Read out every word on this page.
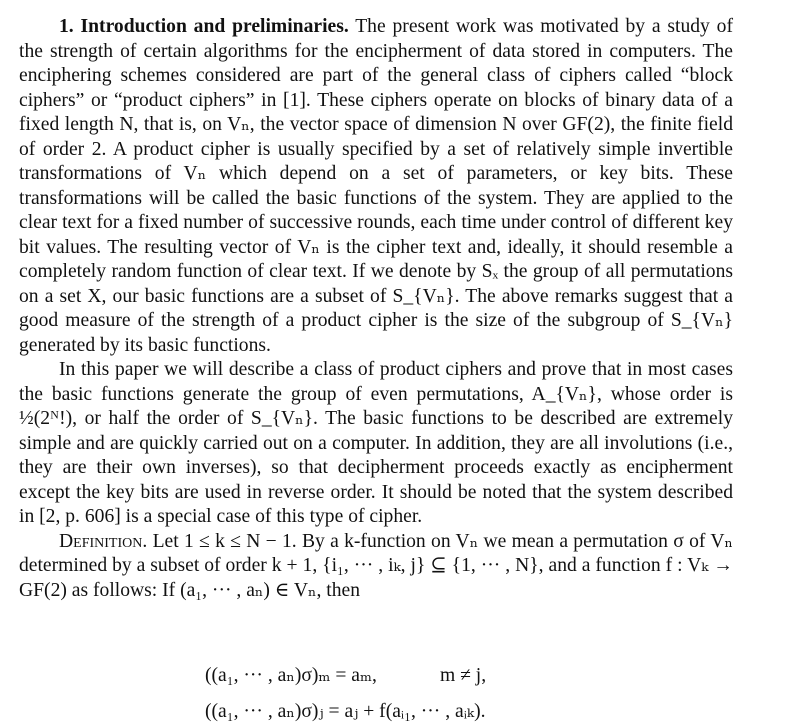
1. Introduction and preliminaries. The present work was motivated by a study of the strength of certain algorithms for the encipherment of data stored in computers. The enciphering schemes considered are part of the general class of ciphers called “block ciphers” or “product ciphers” in [1]. These ciphers operate on blocks of binary data of a fixed length N, that is, on Vₙ, the vector space of dimension N over GF(2), the finite field of order 2. A product cipher is usually specified by a set of relatively simple invertible transformations of Vₙ which depend on a set of parameters, or key bits. These transformations will be called the basic functions of the system. They are applied to the clear text for a fixed number of successive rounds, each time under control of different key bit values. The resulting vector of Vₙ is the cipher text and, ideally, it should resemble a completely random function of clear text. If we denote by Sₓ the group of all permutations on a set X, our basic functions are a subset of S_{Vₙ}. The above remarks suggest that a good measure of the strength of a product cipher is the size of the subgroup of S_{Vₙ} generated by its basic functions.

In this paper we will describe a class of product ciphers and prove that in most cases the basic functions generate the group of even permutations, A_{Vₙ}, whose order is ½(2ᴺ!), or half the order of S_{Vₙ}. The basic functions to be described are extremely simple and are quickly carried out on a computer. In addition, they are all involutions (i.e., they are their own inverses), so that decipherment proceeds exactly as encipherment except the key bits are used in reverse order. It should be noted that the system described in [2, p. 606] is a special case of this type of cipher.

Definition. Let 1 ≤ k ≤ N − 1. By a k-function on Vₙ we mean a permutation σ of Vₙ determined by a subset of order k + 1, {i₁, ··· , iₖ, j} ⊆ {1, ··· , N}, and a function f : Vₖ → GF(2) as follows: If (a₁, ··· , aₙ) ∈ Vₙ, then

((a₁, ··· , aₙ)σ)ₘ = aₘ,	m ≠ j,
((a₁, ··· , aₙ)σ)ⱼ = aⱼ + f(aᵢ₁, ··· , aᵢₖ).
